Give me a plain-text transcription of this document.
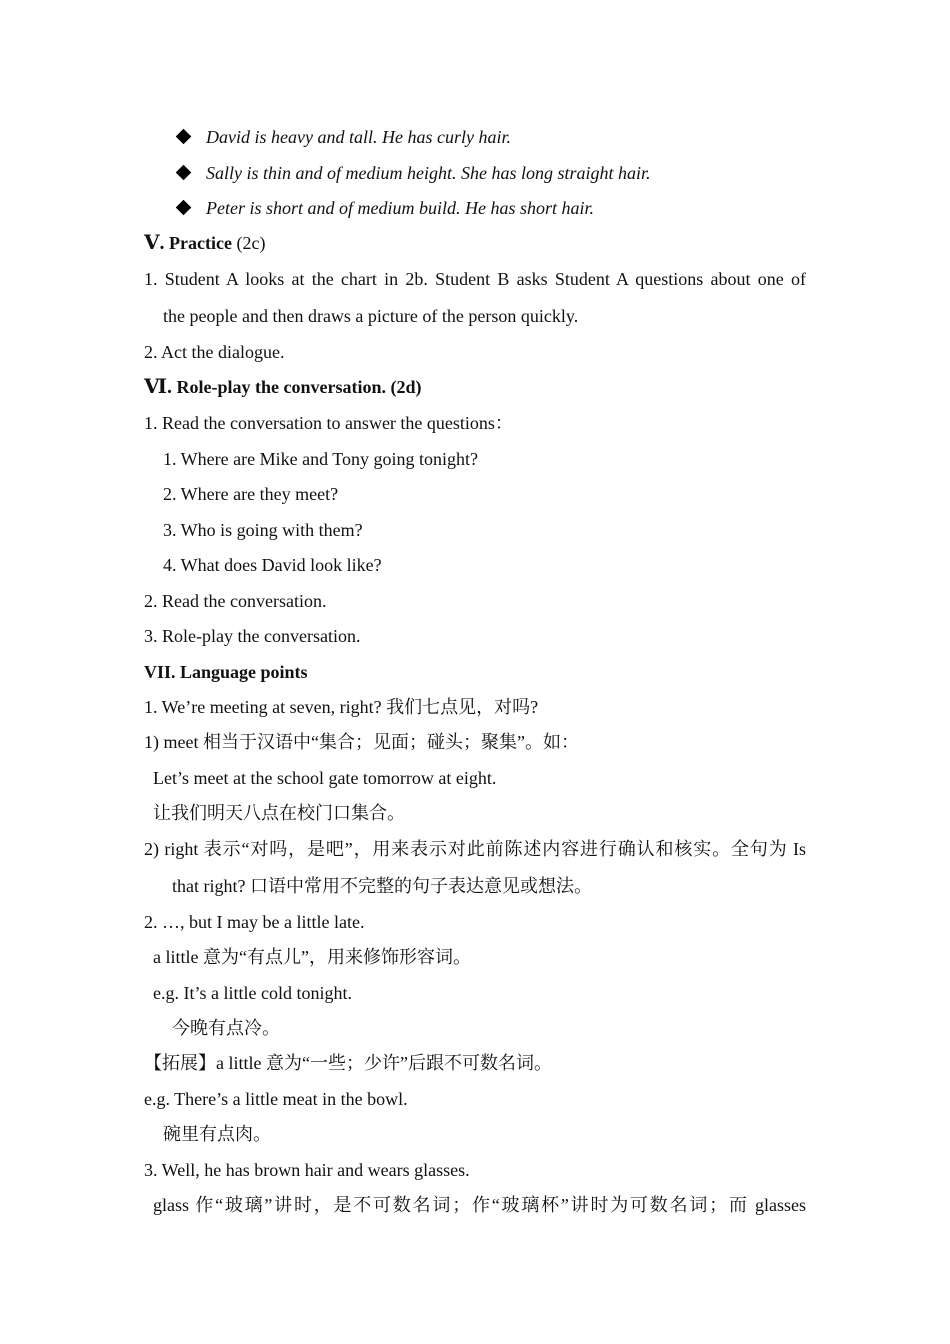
David is heavy and tall. He has curly hair.
Sally is thin and of medium height. She has long straight hair.
Peter is short and of medium build. He has short hair.
Ⅴ. Practice (2c)
1. Student A looks at the chart in 2b. Student B asks Student A questions about one of
the people and then draws a picture of the person quickly.
2. Act the dialogue.
Ⅵ. Role-play the conversation. (2d)
1. Read the conversation to answer the questions：
1. Where are Mike and Tony going tonight?
2. Where are they meet?
3. Who is going with them?
4. What does David look like?
2. Read the conversation.
3. Role-play the conversation.
VII. Language points
1. We’re meeting at seven, right? 我们七点见，对吗?
1) meet 相当于汉语中“集合；见面；碰头；聚集”。如：
Let’s meet at the school gate tomorrow at eight.
让我们明天八点在校门口集合。
2) right 表示“对吗，是吧”，用来表示对此前陈述内容进行确认和核实。全句为 Is
that right? 口语中常用不完整的句子表达意见或想法。
2. …, but I may be a little late.
a little 意为“有点儿”，用来修饰形容词。
e.g. It’s a little cold tonight.
今晚有点冷。
【拓展】a little 意为“一些；少许”后跟不可数名词。
e.g. There’s a little meat in the bowl.
碗里有点肉。
3. Well, he has brown hair and wears glasses.
glass 作“玻璃”讲时，是不可数名词；作“玻璃杯”讲时为可数名词；而 glasses
